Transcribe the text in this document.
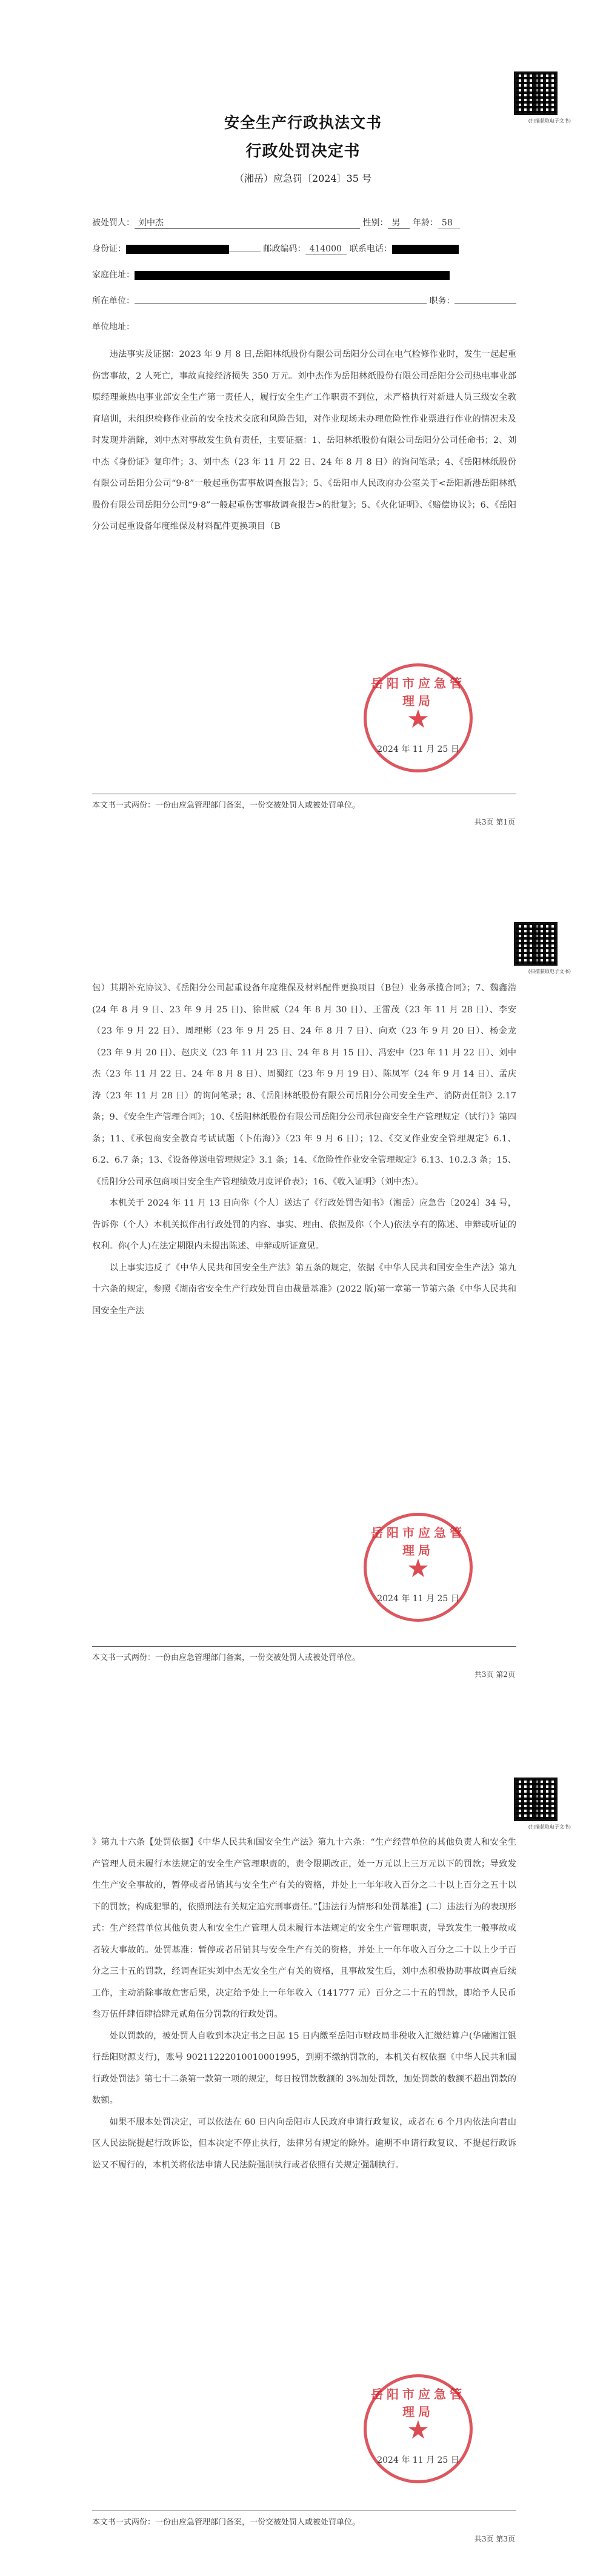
(扫描获取电子文书)
安全生产行政执法文书
行政处罚决定书
（湘岳）应急罚〔2024〕35 号
被处罚人： 刘中杰	性别： 男 年龄： 58
身份证：	邮政编码： 414000 联系电话：
家庭住址：
所在单位：	职务：
单位地址：

违法事实及证据：2023 年 9 月 8 日,岳阳林纸股份有限公司岳阳分公司在电气检修作业时，发生一起起重伤害事故，2 人死亡，事故直接经济损失 350 万元。刘中杰作为岳阳林纸股份有限公司岳阳分公司热电事业部原经理兼热电事业部安全生产第一责任人，履行安全生产工作职责不到位，未严格执行对新进人员三级安全教育培训，未组织检修作业前的安全技术交底和风险告知，对作业现场未办理危险性作业票进行作业的情况未及时发现并消除，刘中杰对事故发生负有责任，主要证据：1、岳阳林纸股份有限公司岳阳分公司任命书；2、刘中杰《身份证》复印件；3、刘中杰（23 年 11 月 22 日、24 年 8 月 8 日）的询问笔录；4、《岳阳林纸股份有限公司岳阳分公司“9·8”一般起重伤害事故调查报告》；5、《岳阳市人民政府办公室关于<岳阳新港岳阳林纸股份有限公司岳阳分公司“9·8”一般起重伤害事故调查报告>的批复》；5、《火化证明》、《赔偿协议》；6、《岳阳分公司起重设备年度维保及材料配件更换项目（B

岳阳市应急管理局
★
2024 年 11 月 25 日
本文书一式两份：一份由应急管理部门备案，一份交被处罚人或被处罚单位。
共3页 第1页
(扫描获取电子文书)

包）其期补充协议》、《岳阳分公司起重设备年度维保及材料配件更换项目（B包）业务承揽合同》；7、魏鑫浩(24 年 8 月 9 日、23 年 9 月 25 日)、徐世威（24 年 8 月 30 日）、王雷茂（23 年 11 月 28 日）、李安（23 年 9 月 22 日）、周理彬（23 年 9 月 25 日、24 年 8 月 7 日）、向欢（23 年 9 月 20 日）、杨金龙（23 年 9 月 20 日）、赵庆义（23 年 11 月 23 日、24 年 8 月 15 日）、冯宏中（23 年 11 月 22 日）、刘中杰（23 年 11 月 22 日、24 年 8 月 8 日）、周蜀红（23 年 9 月 19 日）、陈凤军（24 年 9 月 14 日）、孟庆涛（23 年 11 月 28 日）的询问笔录；8、《岳阳林纸股份有限公司岳阳分公司安全生产、消防责任制》2.17 条；9、《安全生产管理合同》；10、《岳阳林纸股份有限公司岳阳分公司承包商安全生产管理规定（试行）》第四条；11、《承包商安全教育考试试题（卜佑海）》（23 年 9 月 6 日）；12、《交叉作业安全管理规定》6.1、6.2、6.7 条；13、《设备停送电管理规定》3.1 条；14、《危险性作业安全管理规定》6.13、10.2.3 条；15、《岳阳分公司承包商项目安全生产管理绩效月度评价表》；16、《收入证明》（刘中杰）。

本机关于 2024 年 11 月 13 日向你（个人）送达了《行政处罚告知书》（湘岳）应急告〔2024〕34 号，告诉你（个人）本机关拟作出行政处罚的内容、事实、理由、依据及你（个人)依法享有的陈述、申辩或听证的权利。你(个人)在法定期限内未提出陈述、申辩或听证意见。

以上事实违反了《中华人民共和国安全生产法》第五条的规定，依据《中华人民共和国安全生产法》第九十六条的规定，参照《湖南省安全生产行政处罚自由裁量基准》(2022 版)第一章第一节第六条《中华人民共和国安全生产法

岳阳市应急管理局
★
2024 年 11 月 25 日
本文书一式两份：一份由应急管理部门备案，一份交被处罚人或被处罚单位。
共3页 第2页
(扫描获取电子文书)

》第九十六条【处罚依据】《中华人民共和国安全生产法》第九十六条：“生产经营单位的其他负责人和安全生产管理人员未履行本法规定的安全生产管理职责的，责令限期改正，处一万元以上三万元以下的罚款；导致发生生产安全事故的，暂停或者吊销其与安全生产有关的资格，并处上一年年收入百分之二十以上百分之五十以下的罚款；构成犯罪的，依照刑法有关规定追究刑事责任。”【违法行为情形和处罚基准】(二）违法行为的表现形式：生产经营单位其他负责人和安全生产管理人员未履行本法规定的安全生产管理职责，导致发生一般事故或者较大事故的。处罚基准：暂停或者吊销其与安全生产有关的资格，并处上一年年收入百分之二十以上少于百分之三十五的罚款，经调查证实刘中杰无安全生产有关的资格，且事故发生后，刘中杰积极协助事故调查后续工作，主动消除事故危害后果，决定给予处上一年年收入（141777 元）百分之二十五的罚款，即给予人民币叁万伍仟肆佰肆拾肆元贰角伍分罚款的行政处罚。

处以罚款的，被处罚人自收到本决定书之日起 15 日内缴至岳阳市财政局非税收入汇缴结算户(华融湘江银行岳阳财源支行)，账号 90211222010010001995，到期不缴纳罚款的，本机关有权依据《中华人民共和国行政处罚法》第七十二条第一款第一项的规定，每日按罚款数额的 3%加处罚款，加处罚款的数额不超出罚款的数额。

如果不服本处罚决定，可以依法在 60 日内向岳阳市人民政府申请行政复议，或者在 6 个月内依法向君山区人民法院提起行政诉讼，但本决定不停止执行，法律另有规定的除外。逾期不申请行政复议、不提起行政诉讼又不履行的，本机关将依法申请人民法院强制执行或者依照有关规定强制执行。

岳阳市应急管理局
★
2024 年 11 月 25 日
本文书一式两份：一份由应急管理部门备案，一份交被处罚人或被处罚单位。
共3页 第3页
